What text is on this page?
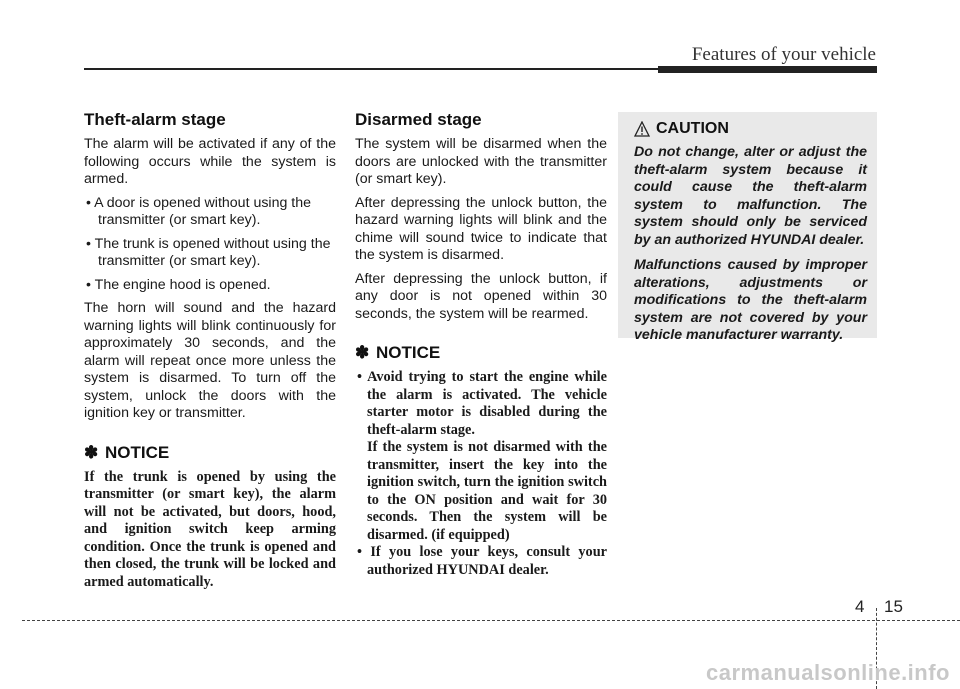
Features of your vehicle
Theft-alarm stage

The alarm will be activated if any of the following occurs while the system is armed.

• A door is opened without using the transmitter (or smart key).
• The trunk is opened without using the transmitter (or smart key).
• The engine hood is opened.

The horn will sound and the hazard warning lights will blink continuously for approximately 30 seconds, and the alarm will repeat once more unless the system is disarmed. To turn off the system, unlock the doors with the ignition key or transmitter.

✽ NOTICE

If the trunk is opened by using the transmitter (or smart key), the alarm will not be activated, but doors, hood, and ignition switch keep arming condition. Once the trunk is opened and then closed, the trunk will be locked and armed automatically.

Disarmed stage

The system will be disarmed when the doors are unlocked with the transmitter (or smart key).

After depressing the unlock button, the hazard warning lights will blink and the chime will sound twice to indicate that the system is disarmed.

After depressing the unlock button, if any door is not opened within 30 seconds, the system will be rearmed.

✽ NOTICE
• Avoid trying to start the engine while the alarm is activated. The vehicle starter motor is disabled during the theft-alarm stage.
If the system is not disarmed with the transmitter, insert the key into the ignition switch, turn the ignition switch to the ON position and wait for 30 seconds. Then the system will be disarmed. (if equipped)
• If you lose your keys, consult your authorized HYUNDAI dealer.
CAUTION

Do not change, alter or adjust the theft-alarm system because it could cause the theft-alarm system to malfunction. The system should only be serviced by an authorized HYUNDAI dealer.

Malfunctions caused by improper alterations, adjustments or modifications to the theft-alarm system are not covered by your vehicle manufacturer warranty.

4 15
carmanualsonline.info
